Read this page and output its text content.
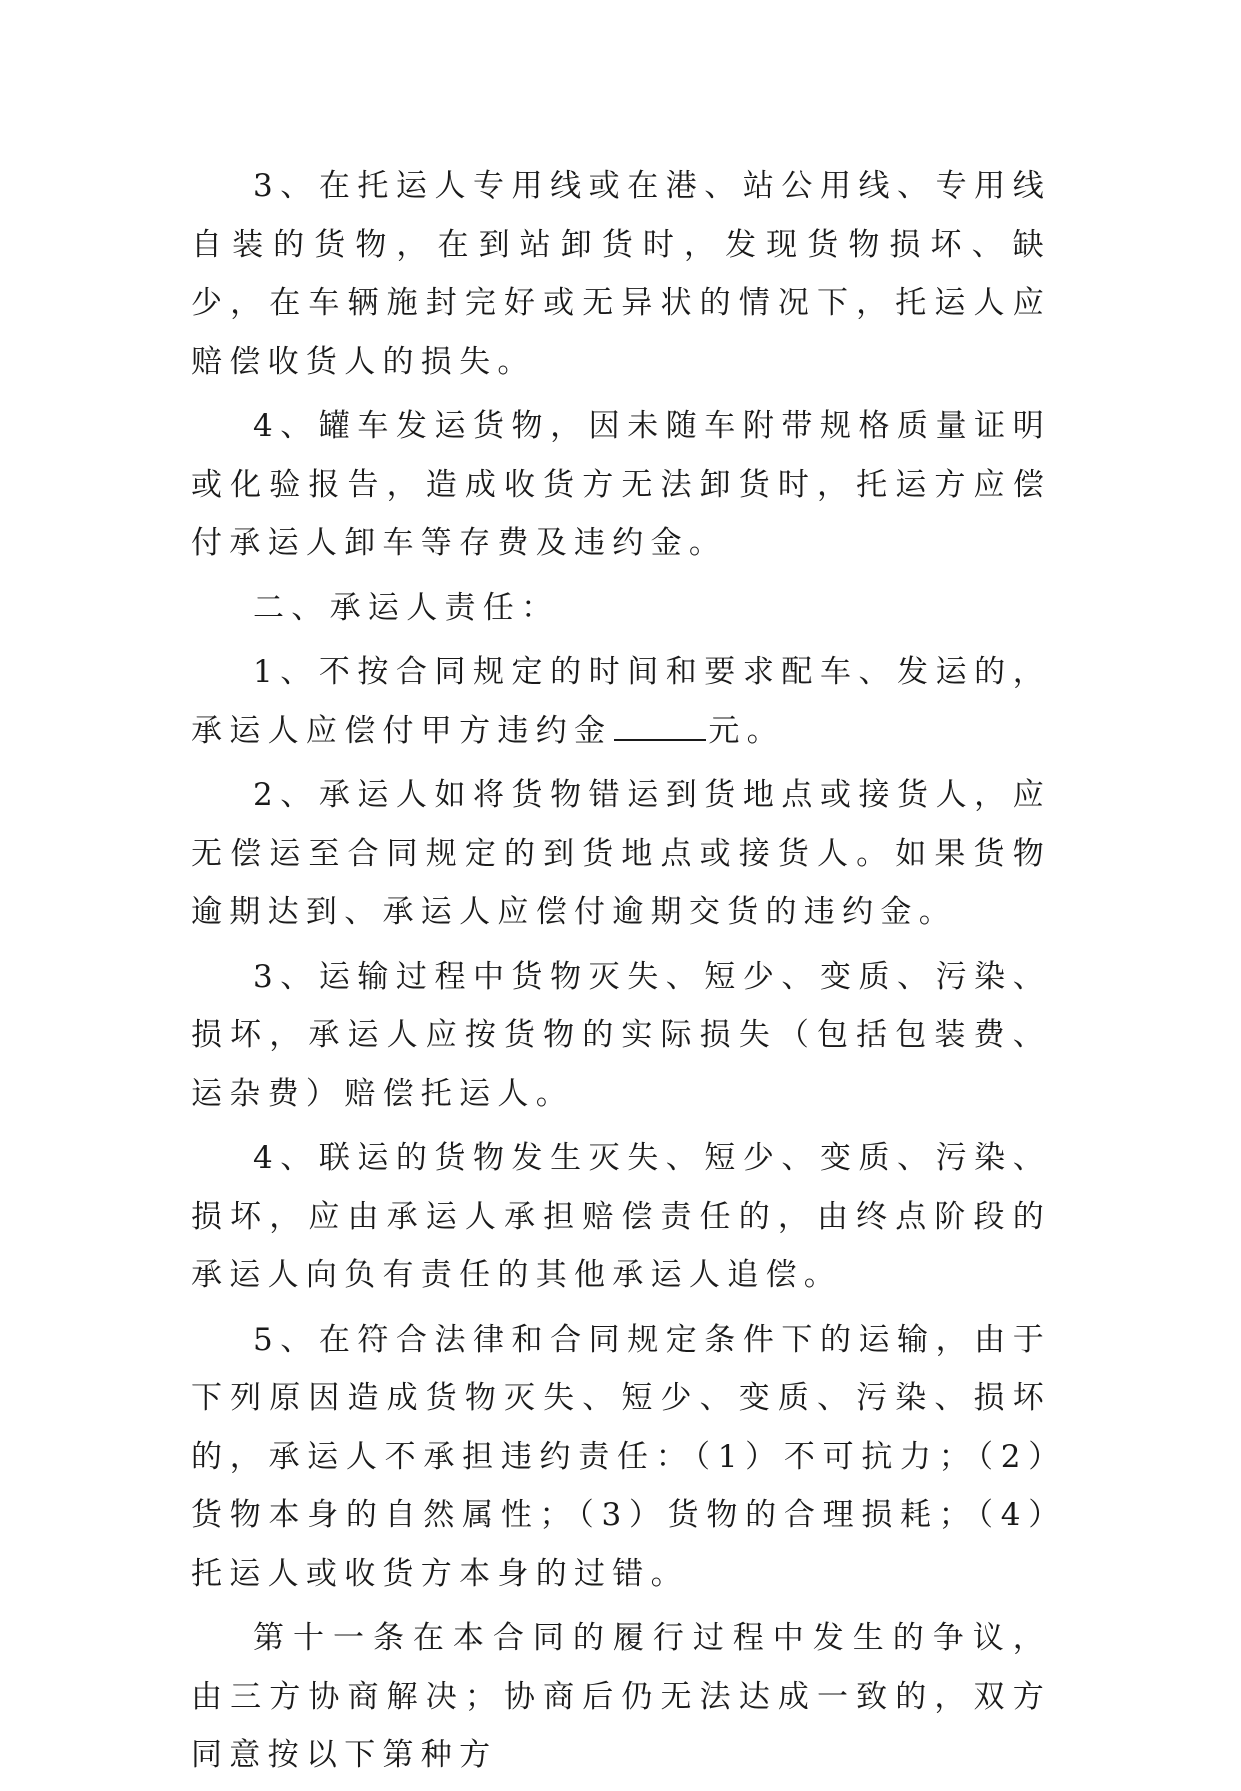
3、在托运人专用线或在港、站公用线、专用线自装的货物，在到站卸货时，发现货物损坏、缺少，在车辆施封完好或无异状的情况下，托运人应赔偿收货人的损失。

4、罐车发运货物，因未随车附带规格质量证明或化验报告，造成收货方无法卸货时，托运方应偿付承运人卸车等存费及违约金。

二、承运人责任：

1、不按合同规定的时间和要求配车、发运的，承运人应偿付甲方违约金	元。

2、承运人如将货物错运到货地点或接货人，应无偿运至合同规定的到货地点或接货人。如果货物逾期达到、承运人应偿付逾期交货的违约金。

3、运输过程中货物灭失、短少、变质、污染、损坏，承运人应按货物的实际损失（包括包装费、运杂费）赔偿托运人。

4、联运的货物发生灭失、短少、变质、污染、损坏，应由承运人承担赔偿责任的，由终点阶段的承运人向负有责任的其他承运人追偿。

5、在符合法律和合同规定条件下的运输，由于下列原因造成货物灭失、短少、变质、污染、损坏的，承运人不承担违约责任：（1）不可抗力；（2）货物本身的自然属性；（3）货物的合理损耗；（4）托运人或收货方本身的过错。

第十一条在本合同的履行过程中发生的争议，由三方协商解决；协商后仍无法达成一致的，双方同意按以下第种方
